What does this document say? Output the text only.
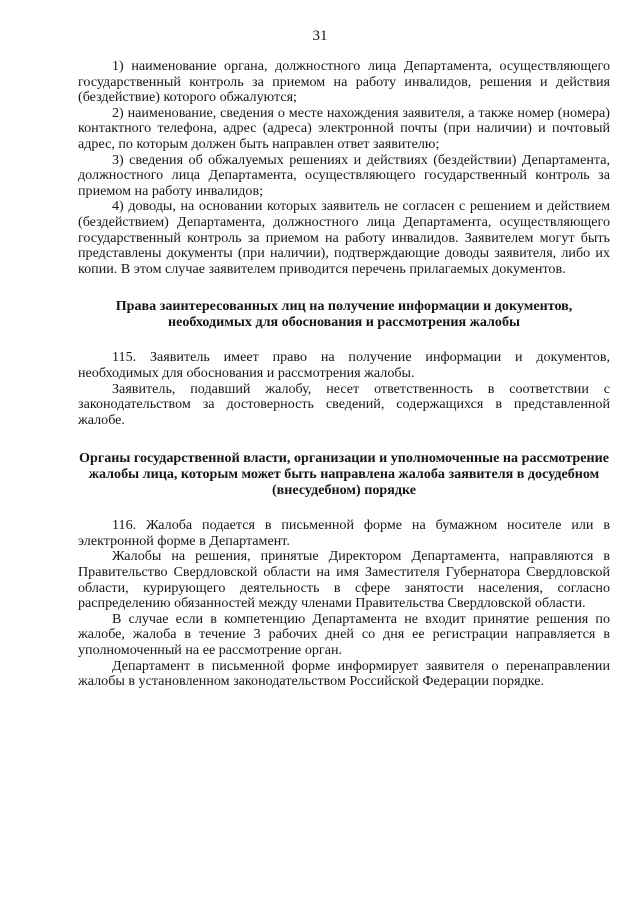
31

1) наименование органа, должностного лица Департамента, осуществляющего государственный контроль за приемом на работу инвалидов, решения и действия (бездействие) которого обжалуются;

2) наименование, сведения о месте нахождения заявителя, а также номер (номера) контактного телефона, адрес (адреса) электронной почты (при наличии) и почтовый адрес, по которым должен быть направлен ответ заявителю;

3) сведения об обжалуемых решениях и действиях (бездействии) Департамента, должностного лица Департамента, осуществляющего государственный контроль за приемом на работу инвалидов;

4) доводы, на основании которых заявитель не согласен с решением и действием (бездействием) Департамента, должностного лица Департамента, осуществляющего государственный контроль за приемом на работу инвалидов. Заявителем могут быть представлены документы (при наличии), подтверждающие доводы заявителя, либо их копии. В этом случае заявителем приводится перечень прилагаемых документов.

Права заинтересованных лиц на получение информации и документов, необходимых для обоснования и рассмотрения жалобы

115. Заявитель имеет право на получение информации и документов, необходимых для обоснования и рассмотрения жалобы.

Заявитель, подавший жалобу, несет ответственность в соответствии с законодательством за достоверность сведений, содержащихся в представленной жалобе.

Органы государственной власти, организации и уполномоченные на рассмотрение жалобы лица, которым может быть направлена жалоба заявителя в досудебном (внесудебном) порядке

116. Жалоба подается в письменной форме на бумажном носителе или в электронной форме в Департамент.

Жалобы на решения, принятые Директором Департамента, направляются в Правительство Свердловской области на имя Заместителя Губернатора Свердловской области, курирующего деятельность в сфере занятости населения, согласно распределению обязанностей между членами Правительства Свердловской области.

В случае если в компетенцию Департамента не входит принятие решения по жалобе, жалоба в течение 3 рабочих дней со дня ее регистрации направляется в уполномоченный на ее рассмотрение орган.

Департамент в письменной форме информирует заявителя о перенаправлении жалобы в установленном законодательством Российской Федерации порядке.
